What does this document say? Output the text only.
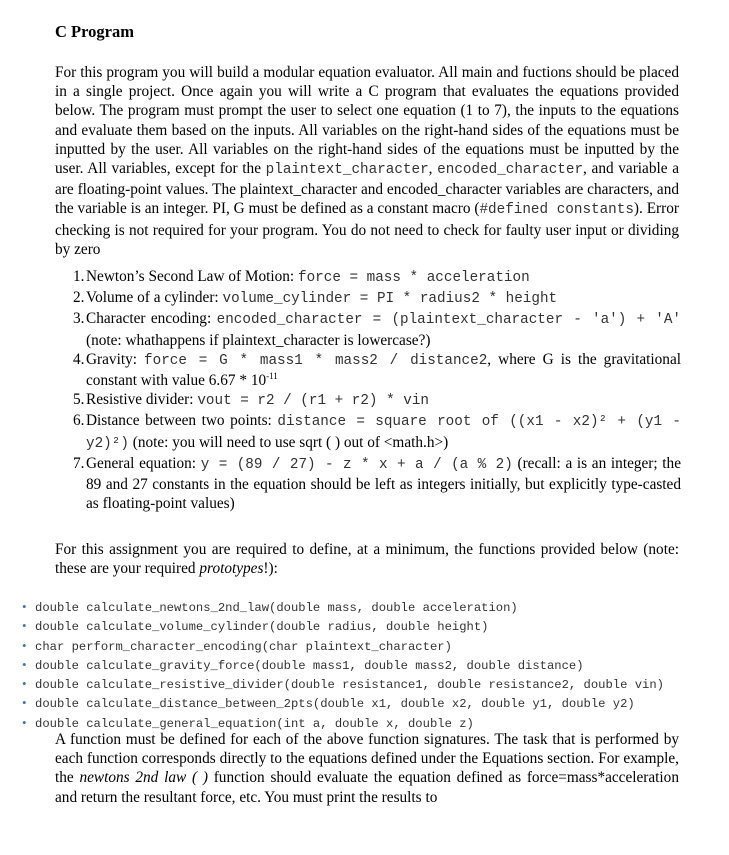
C Program
For this program you will build a modular equation evaluator. All main and fuctions should be placed in a single project. Once again you will write a C program that evaluates the equations provided below. The program must prompt the user to select one equation (1 to 7), the inputs to the equations and evaluate them based on the inputs. All variables on the right-hand sides of the equations must be inputted by the user. All variables on the right-hand sides of the equations must be inputted by the user. All variables, except for the plaintext_character, encoded_character, and variable a are floating-point values. The plaintext_character and encoded_character variables are characters, and the variable is an integer. PI, G must be defined as a constant macro (#defined constants). Error checking is not required for your program. You do not need to check for faulty user input or dividing by zero
1.Newton’s Second Law of Motion: force = mass * acceleration
2.Volume of a cylinder: volume_cylinder = PI * radius2 * height
3.Character encoding: encoded_character = (plaintext_character - 'a') + 'A' (note: whathappens if plaintext_character is lowercase?)
4.Gravity: force = G * mass1 * mass2 / distance2, where G is the gravitational constant with value $6.67 * 10^{-11}$
5.Resistive divider: vout = r2 / (r1 + r2) * vin
6.Distance between two points: distance = square root of ((x1 - x2)² + (y1 - y2)²) (note: you will need to use sqrt ( ) out of <math.h>)
7.General equation: y = (89 / 27) - z * x + a / (a % 2) (recall: a is an integer; the 89 and 27 constants in the equation should be left as integers initially, but explicitly type-casted as floating-point values)
For this assignment you are required to define, at a minimum, the functions provided below (note: these are your required prototypes!):
• double calculate_newtons_2nd_law(double mass, double acceleration)
• double calculate_volume_cylinder(double radius, double height)
• char perform_character_encoding(char plaintext_character)
• double calculate_gravity_force(double mass1, double mass2, double distance)
• double calculate_resistive_divider(double resistance1, double resistance2, double vin)
• double calculate_distance_between_2pts(double x1, double x2, double y1, double y2)
• double calculate_general_equation(int a, double x, double z)
A function must be defined for each of the above function signatures. The task that is performed by each function corresponds directly to the equations defined under the Equations section. For example, the newtons 2nd law ( ) function should evaluate the equation defined as force=mass*acceleration and return the resultant force, etc. You must print the results to
